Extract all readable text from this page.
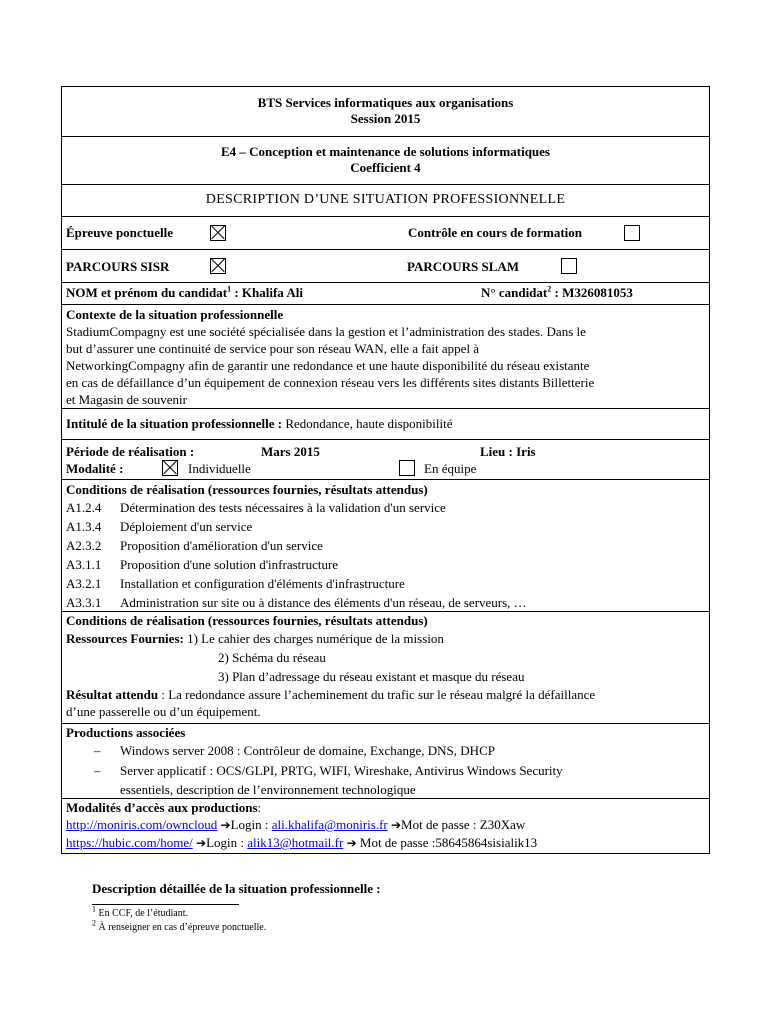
BTS Services informatiques aux organisations
Session 2015
E4 – Conception et maintenance de solutions informatiques
Coefficient 4
DESCRIPTION D’UNE SITUATION PROFESSIONNELLE
Épreuve ponctuelle	Contrôle en cours de formation
PARCOURS SISR	PARCOURS SLAM
NOM et prénom du candidat$^1$ : Khalifa Ali	N° candidat$^2$ : M326081053
Contexte de la situation professionnelle
StadiumCompagny est une société spécialisée dans la gestion et l’administration des stades. Dans le
but d’assurer une continuité de service pour son réseau WAN, elle a fait appel à
NetworkingCompagny afin de garantir une redondance et une haute disponibilité du réseau existante
en cas de défaillance d’un équipement de connexion réseau vers les différents sites distants Billetterie
et Magasin de souvenir
Intitulé de la situation professionnelle : Redondance, haute disponibilité
Période de réalisation :	Mars 2015	Lieu : Iris
Modalité :	Individuelle	En équipe
Conditions de réalisation (ressources fournies, résultats attendus)
A1.2.4 Détermination des tests nécessaires à la validation d'un service
A1.3.4 Déploiement d'un service
A2.3.2 Proposition d'amélioration d'un service
A3.1.1 Proposition d'une solution d'infrastructure
A3.2.1 Installation et configuration d'éléments d'infrastructure
A3.3.1 Administration sur site ou à distance des éléments d'un réseau, de serveurs, …
Conditions de réalisation (ressources fournies, résultats attendus)
Ressources Fournies: 1) Le cahier des charges numérique de la mission
2) Schéma du réseau
3) Plan d’adressage du réseau existant et masque du réseau
Résultat attendu : La redondance assure l’acheminement du trafic sur le réseau malgré la défaillance
d’une passerelle ou d’un équipement.
Productions associées
– Windows server 2008 : Contrôleur de domaine, Exchange, DNS, DHCP
– Server applicatif : OCS/GLPI, PRTG, WIFI, Wireshake, Antivirus Windows Security
essentiels, description de l’environnement technologique
Modalités d’accès aux productions:
http://moniris.com/owncloud ➔Login : ali.khalifa@moniris.fr ➔Mot de passe : Z30Xaw
https://hubic.com/home/ ➔Login : alik13@hotmail.fr ➔ Mot de passe :58645864sisialik13
Description détaillée de la situation professionnelle :
$^1$ En CCF, de l’étudiant.
$^2$ À renseigner en cas d’épreuve ponctuelle.
